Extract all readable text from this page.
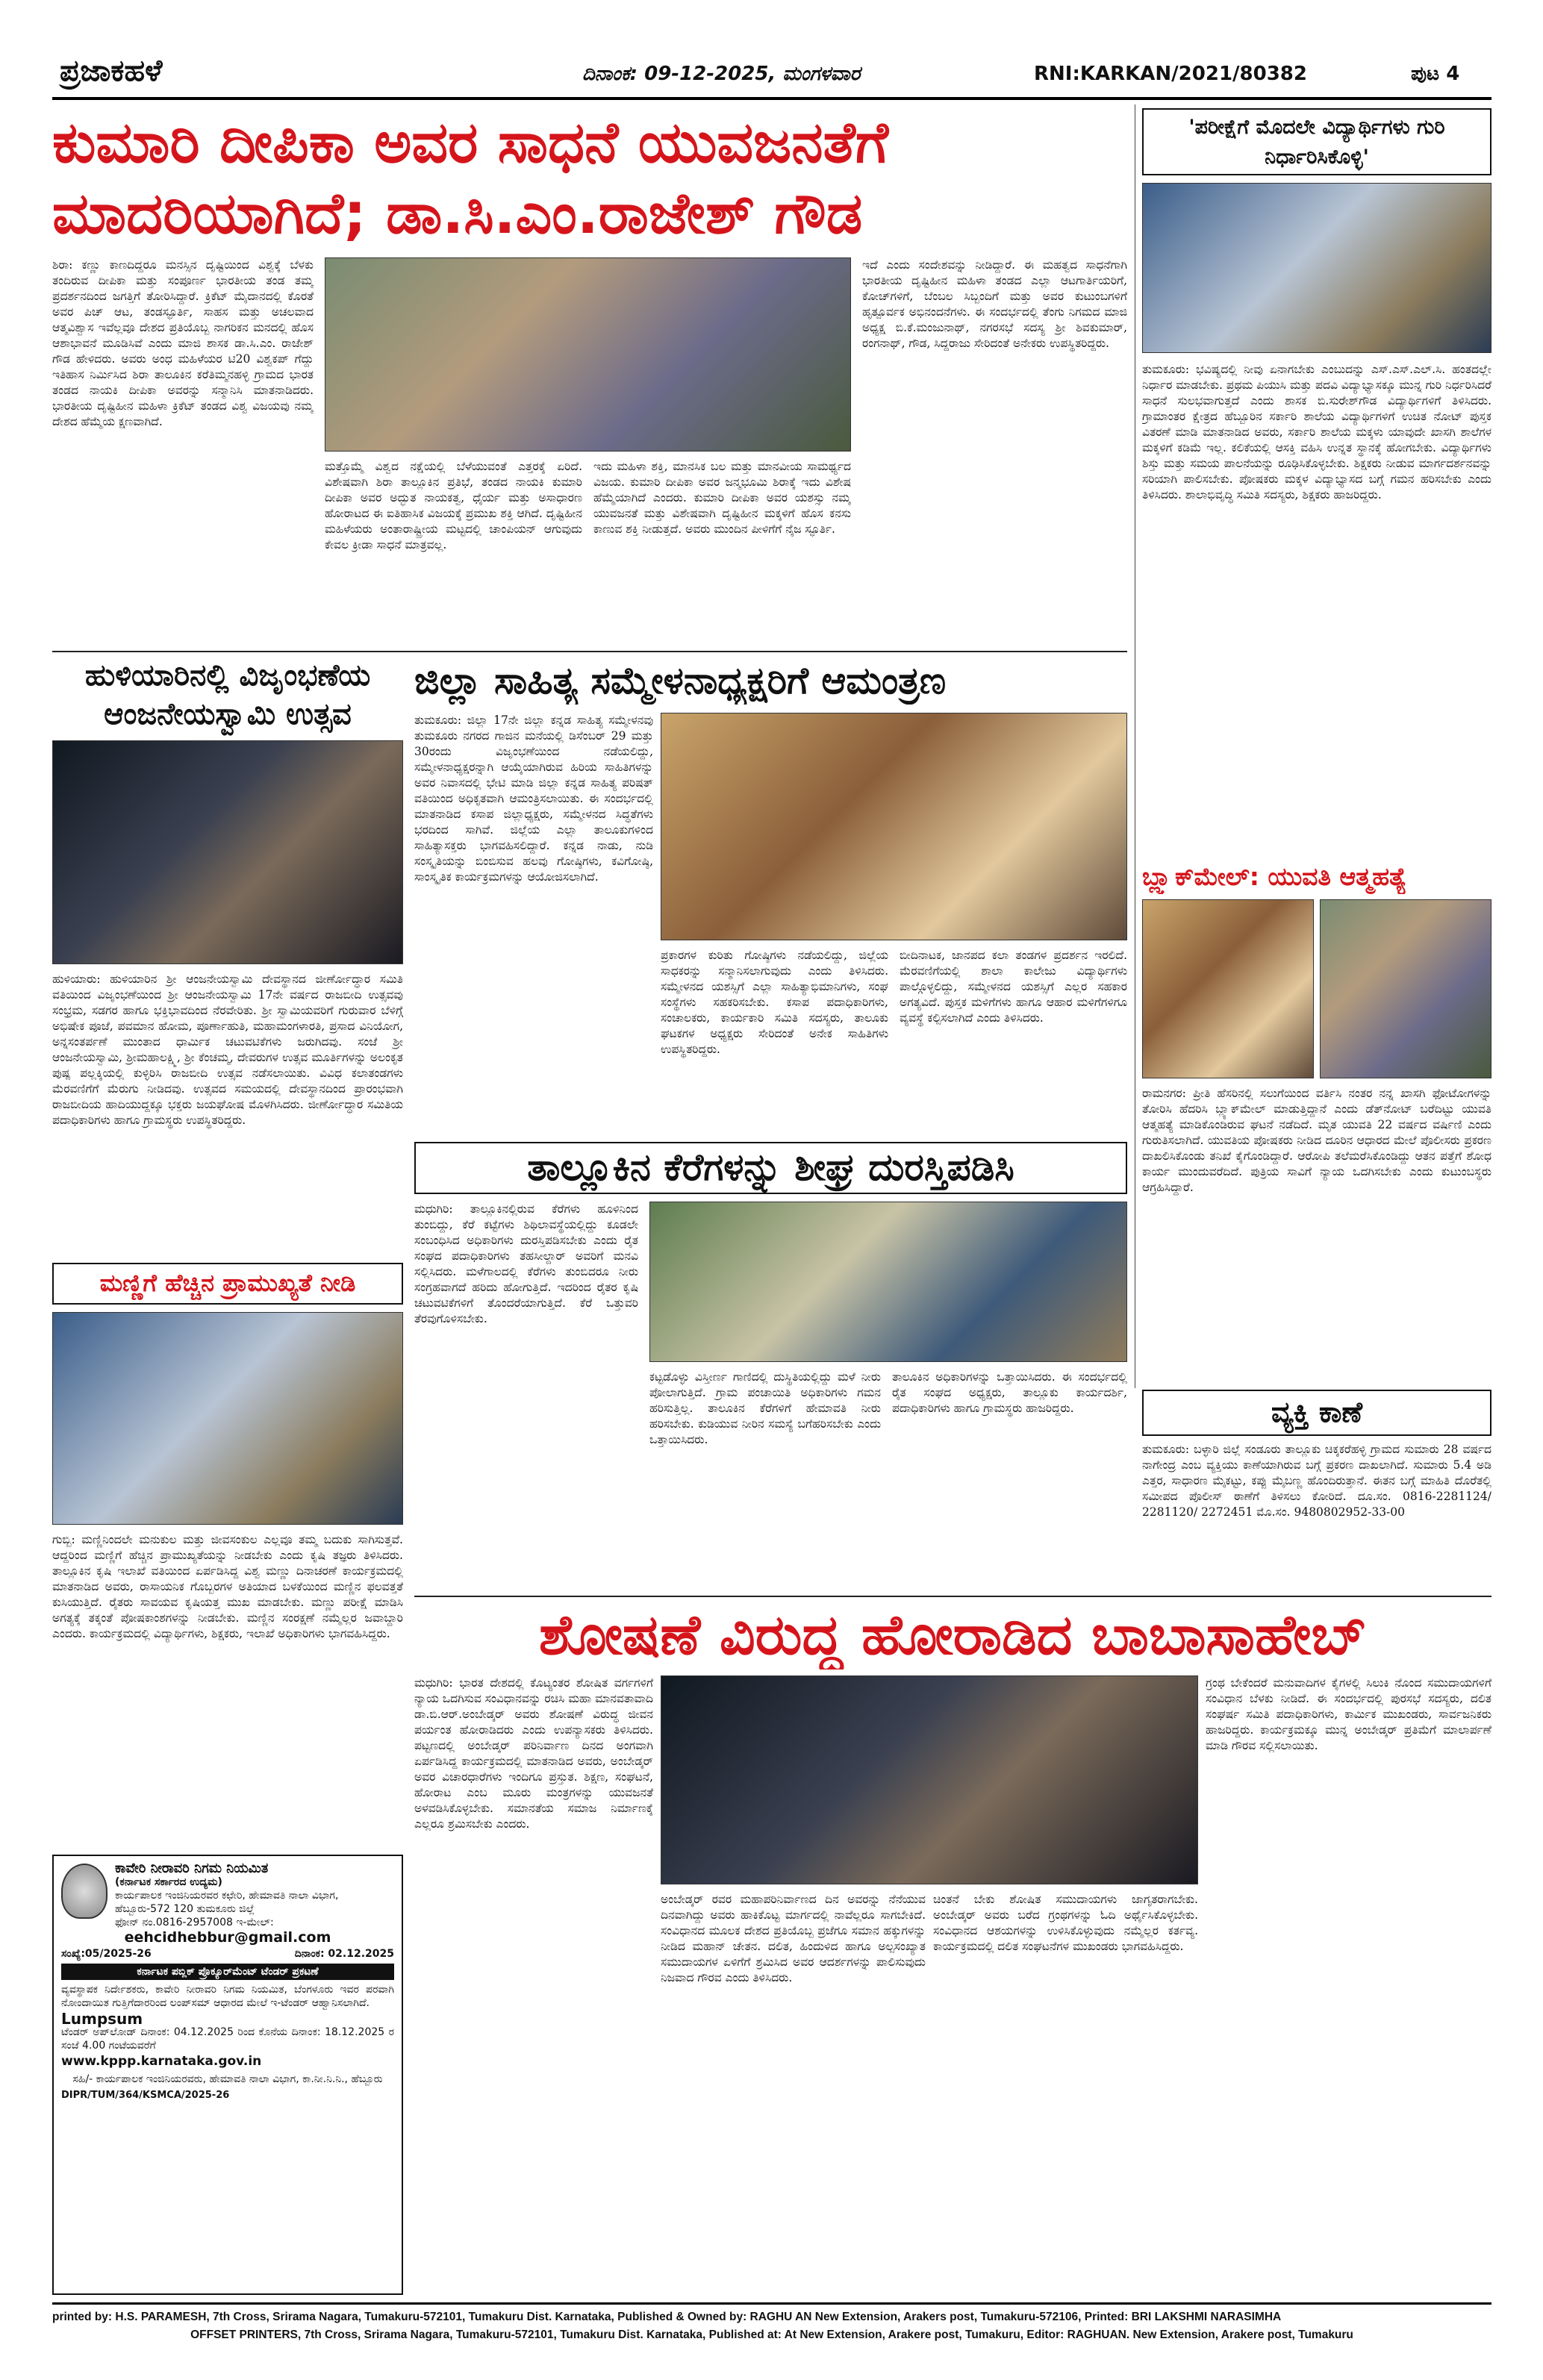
ಪ್ರಜಾಕಹಳೆ	ದಿನಾಂಕ: 09-12-2025, ಮಂಗಳವಾರ	RNI:KARKAN/2021/80382	ಪುಟ 4
ಕುಮಾರಿ ದೀಪಿಕಾ ಅವರ ಸಾಧನೆ ಯುವಜನತೆಗೆ
ಮಾದರಿಯಾಗಿದೆ; ಡಾ.ಸಿ.ಎಂ.ರಾಜೇಶ್ ಗೌಡ
ಶಿರಾ: ಕಣ್ಣು ಕಾಣದಿದ್ದರೂ ಮನಸ್ಸಿನ ದೃಷ್ಟಿಯಿಂದ ವಿಶ್ವಕ್ಕೆ ಬೆಳಕು ತಂದಿರುವ ದೀಪಿಕಾ ಮತ್ತು ಸಂಪೂರ್ಣ ಭಾರತೀಯ ತಂಡ ತಮ್ಮ ಪ್ರದರ್ಶನದಿಂದ ಜಗತ್ತಿಗೆ ತೋರಿಸಿದ್ದಾರೆ. ಕ್ರಿಕೆಟ್ ಮೈದಾನದಲ್ಲಿ ಕೊರತೆ ಅವರ ಪಿಚ್ ಆಟ, ತಂಡಸ್ಫೂರ್ತಿ, ಸಾಹಸ ಮತ್ತು ಅಚಲವಾದ ಆತ್ಮವಿಶ್ವಾಸ ಇವೆಲ್ಲವೂ ದೇಶದ ಪ್ರತಿಯೊಬ್ಬ ನಾಗರಿಕನ ಮನದಲ್ಲಿ ಹೊಸ ಆಶಾಭಾವನೆ ಮೂಡಿಸಿವೆ ಎಂದು ಮಾಜಿ ಶಾಸಕ ಡಾ.ಸಿ.ಎಂ. ರಾಜೇಶ್ ಗೌಡ ಹೇಳಿದರು. ಅವರು ಅಂಧ ಮಹಿಳೆಯರ ಟಿ20 ವಿಶ್ವಕಪ್ ಗೆದ್ದು ಇತಿಹಾಸ ನಿರ್ಮಿಸಿದ ಶಿರಾ ತಾಲೂಕಿನ ಕರೆತಿಮ್ಮನಹಳ್ಳಿ ಗ್ರಾಮದ ಭಾರತ ತಂಡದ ನಾಯಕಿ ದೀಪಿಕಾ ಅವರನ್ನು ಸನ್ಮಾನಿಸಿ ಮಾತನಾಡಿದರು. ಭಾರತೀಯ ದೃಷ್ಟಿಹೀನ ಮಹಿಳಾ ಕ್ರಿಕೆಟ್ ತಂಡದ ವಿಶ್ವ ವಿಜಯವು ನಮ್ಮ ದೇಶದ ಹೆಮ್ಮೆಯ ಕ್ಷಣವಾಗಿದೆ.
ಮತ್ತೊಮ್ಮೆ ವಿಶ್ವದ ನಕ್ಷೆಯಲ್ಲಿ ಬೆಳೆಯುವಂತೆ ಎತ್ತರಕ್ಕೆ ಏರಿದೆ. ವಿಶೇಷವಾಗಿ ಶಿರಾ ತಾಲ್ಲೂಕಿನ ಪ್ರತಿಭೆ, ತಂಡದ ನಾಯಕಿ ಕುಮಾರಿ ದೀಪಿಕಾ ಅವರ ಅದ್ಭುತ ನಾಯಕತ್ವ, ಧೈರ್ಯ ಮತ್ತು ಅಸಾಧಾರಣ ಹೋರಾಟದ ಈ ಐತಿಹಾಸಿಕ ವಿಜಯಕ್ಕೆ ಪ್ರಮುಖ ಶಕ್ತಿ ಆಗಿದೆ. ದೃಷ್ಟಿಹೀನ ಮಹಿಳೆಯರು ಅಂತಾರಾಷ್ಟ್ರೀಯ ಮಟ್ಟದಲ್ಲಿ ಚಾಂಪಿಯನ್ ಆಗುವುದು ಕೇವಲ ಕ್ರೀಡಾ ಸಾಧನೆ ಮಾತ್ರವಲ್ಲ.
ಇದು ಮಹಿಳಾ ಶಕ್ತಿ, ಮಾನಸಿಕ ಬಲ ಮತ್ತು ಮಾನವೀಯ ಸಾಮರ್ಥ್ಯದ ವಿಜಯ. ಕುಮಾರಿ ದೀಪಿಕಾ ಅವರ ಜನ್ಮಭೂಮಿ ಶಿರಾಕ್ಕೆ ಇದು ವಿಶೇಷ ಹೆಮ್ಮೆಯಾಗಿದೆ ಎಂದರು. ಕುಮಾರಿ ದೀಪಿಕಾ ಅವರ ಯಶಸ್ಸು ನಮ್ಮ ಯುವಜನತೆ ಮತ್ತು ವಿಶೇಷವಾಗಿ ದೃಷ್ಟಿಹೀನ ಮಕ್ಕಳಿಗೆ ಹೊಸ ಕನಸು ಕಾಣುವ ಶಕ್ತಿ ನೀಡುತ್ತದೆ. ಅವರು ಮುಂದಿನ ಪೀಳಿಗೆಗೆ ನೈಜ ಸ್ಫೂರ್ತಿ.
ಇದೆ ಎಂದು ಸಂದೇಶವನ್ನು ನೀಡಿದ್ದಾರೆ. ಈ ಮಹತ್ವದ ಸಾಧನೆಗಾಗಿ ಭಾರತೀಯ ದೃಷ್ಟಿಹೀನ ಮಹಿಳಾ ತಂಡದ ಎಲ್ಲಾ ಆಟಗಾರ್ತಿಯರಿಗೆ, ಕೋಚ್‌ಗಳಿಗೆ, ಬೆಂಬಲ ಸಿಬ್ಬಂದಿಗೆ ಮತ್ತು ಅವರ ಕುಟುಂಬಗಳಿಗೆ ಹೃತ್ಪೂರ್ವಕ ಅಭಿನಂದನೆಗಳು. ಈ ಸಂದರ್ಭದಲ್ಲಿ ತೆಂಗು ನಿಗಮದ ಮಾಜಿ ಅಧ್ಯಕ್ಷ ಬಿ.ಕೆ.ಮಂಜುನಾಥ್, ನಗರಸಭೆ ಸದಸ್ಯ ಶ್ರೀ ಶಿವಕುಮಾರ್, ರಂಗನಾಥ್, ಗೌಡ, ಸಿದ್ದರಾಜು ಸೇರಿದಂತೆ ಅನೇಕರು ಉಪಸ್ಥಿತರಿದ್ದರು.
'ಪರೀಕ್ಷೆಗೆ ಮೊದಲೇ ವಿದ್ಯಾರ್ಥಿಗಳು ಗುರಿ ನಿರ್ಧಾರಿಸಿಕೊಳ್ಳಿ'
ತುಮಕೂರು: ಭವಿಷ್ಯದಲ್ಲಿ ನೀವು ಏನಾಗಬೇಕು ಎಂಬುದನ್ನು ಎಸ್.ಎಸ್.ಎಲ್.ಸಿ. ಹಂತದಲ್ಲೇ ನಿರ್ಧಾರ ಮಾಡಬೇಕು. ಪ್ರಥಮ ಪಿಯುಸಿ ಮತ್ತು ಪದವಿ ವಿದ್ಯಾಭ್ಯಾಸಕ್ಕೂ ಮುನ್ನ ಗುರಿ ನಿರ್ಧರಿಸಿದರೆ ಸಾಧನೆ ಸುಲಭವಾಗುತ್ತದೆ ಎಂದು ಶಾಸಕ ಬಿ.ಸುರೇಶ್‌ಗೌಡ ವಿದ್ಯಾರ್ಥಿಗಳಿಗೆ ತಿಳಿಸಿದರು. ಗ್ರಾಮಾಂತರ ಕ್ಷೇತ್ರದ ಹೆಬ್ಬೂರಿನ ಸರ್ಕಾರಿ ಶಾಲೆಯ ವಿದ್ಯಾರ್ಥಿಗಳಿಗೆ ಉಚಿತ ನೋಟ್ ಪುಸ್ತಕ ವಿತರಣೆ ಮಾಡಿ ಮಾತನಾಡಿದ ಅವರು, ಸರ್ಕಾರಿ ಶಾಲೆಯ ಮಕ್ಕಳು ಯಾವುದೇ ಖಾಸಗಿ ಶಾಲೆಗಳ ಮಕ್ಕಳಿಗೆ ಕಡಿಮೆ ಇಲ್ಲ. ಕಲಿಕೆಯಲ್ಲಿ ಆಸಕ್ತಿ ವಹಿಸಿ ಉನ್ನತ ಸ್ಥಾನಕ್ಕೆ ಹೋಗಬೇಕು. ವಿದ್ಯಾರ್ಥಿಗಳು ಶಿಸ್ತು ಮತ್ತು ಸಮಯ ಪಾಲನೆಯನ್ನು ರೂಢಿಸಿಕೊಳ್ಳಬೇಕು. ಶಿಕ್ಷಕರು ನೀಡುವ ಮಾರ್ಗದರ್ಶನವನ್ನು ಸರಿಯಾಗಿ ಪಾಲಿಸಬೇಕು. ಪೋಷಕರು ಮಕ್ಕಳ ವಿದ್ಯಾಭ್ಯಾಸದ ಬಗ್ಗೆ ಗಮನ ಹರಿಸಬೇಕು ಎಂದು ತಿಳಿಸಿದರು. ಶಾಲಾಭಿವೃದ್ಧಿ ಸಮಿತಿ ಸದಸ್ಯರು, ಶಿಕ್ಷಕರು ಹಾಜರಿದ್ದರು.
ಹುಳಿಯಾರಿನಲ್ಲಿ ವಿಜೃಂಭಣೆಯ
ಆಂಜನೇಯಸ್ವಾಮಿ ಉತ್ಸವ
ಹುಳಿಯಾರು: ಹುಳಿಯಾರಿನ ಶ್ರೀ ಆಂಜನೇಯಸ್ವಾಮಿ ದೇವಸ್ಥಾನದ ಜೀರ್ಣೋದ್ಧಾರ ಸಮಿತಿ ವತಿಯಿಂದ ವಿಜೃಂಭಣೆಯಿಂದ ಶ್ರೀ ಆಂಜನೇಯಸ್ವಾಮಿ 17ನೇ ವರ್ಷದ ರಾಜಬೀದಿ ಉತ್ಸವವು ಸಂಭ್ರಮ, ಸಡಗರ ಹಾಗೂ ಭಕ್ತಿಭಾವದಿಂದ ನೆರವೇರಿತು. ಶ್ರೀ ಸ್ವಾಮಿಯವರಿಗೆ ಗುರುವಾರ ಬೆಳಿಗ್ಗೆ ಅಭಿಷೇಕ ಪೂಜೆ, ಪವಮಾನ ಹೋಮ, ಪೂರ್ಣಾಹುತಿ, ಮಹಾಮಂಗಳಾರತಿ, ಪ್ರಸಾದ ವಿನಿಯೋಗ, ಅನ್ನಸಂತರ್ಪಣೆ ಮುಂತಾದ ಧಾರ್ಮಿಕ ಚಟುವಟಿಕೆಗಳು ಜರುಗಿದವು. ಸಂಜೆ ಶ್ರೀ ಆಂಜನೇಯಸ್ವಾಮಿ, ಶ್ರೀಮಹಾಲಕ್ಷ್ಮಿ, ಶ್ರೀ ಕೆಂಚಮ್ಮ, ದೇವರುಗಳ ಉತ್ಸವ ಮೂರ್ತಿಗಳನ್ನು ಅಲಂಕೃತ ಪುಷ್ಪ ಪಲ್ಲಕ್ಕಿಯಲ್ಲಿ ಕುಳ್ಳಿರಿಸಿ ರಾಜಬೀದಿ ಉತ್ಸವ ನಡೆಸಲಾಯಿತು. ವಿವಿಧ ಕಲಾತಂಡಗಳು ಮೆರವಣಿಗೆಗೆ ಮೆರುಗು ನೀಡಿದವು. ಉತ್ಸವದ ಸಮಯದಲ್ಲಿ ದೇವಸ್ಥಾನದಿಂದ ಪ್ರಾರಂಭವಾಗಿ ರಾಜಬೀದಿಯ ಹಾದಿಯುದ್ದಕ್ಕೂ ಭಕ್ತರು ಜಯಘೋಷ ಮೊಳಗಿಸಿದರು. ಜೀರ್ಣೋದ್ಧಾರ ಸಮಿತಿಯ ಪದಾಧಿಕಾರಿಗಳು ಹಾಗೂ ಗ್ರಾಮಸ್ಥರು ಉಪಸ್ಥಿತರಿದ್ದರು.
ಜಿಲ್ಲಾ ಸಾಹಿತ್ಯ ಸಮ್ಮೇಳನಾಧ್ಯಕ್ಷರಿಗೆ ಆಮಂತ್ರಣ
ತುಮಕೂರು: ಜಿಲ್ಲಾ 17ನೇ ಜಿಲ್ಲಾ ಕನ್ನಡ ಸಾಹಿತ್ಯ ಸಮ್ಮೇಳನವು ತುಮಕೂರು ನಗರದ ಗಾಜಿನ ಮನೆಯಲ್ಲಿ ಡಿಸೆಂಬರ್ 29 ಮತ್ತು 30ರಂದು ವಿಜೃಂಭಣೆಯಿಂದ ನಡೆಯಲಿದ್ದು, ಸಮ್ಮೇಳನಾಧ್ಯಕ್ಷರನ್ನಾಗಿ ಆಯ್ಕೆಯಾಗಿರುವ ಹಿರಿಯ ಸಾಹಿತಿಗಳನ್ನು ಅವರ ನಿವಾಸದಲ್ಲಿ ಭೇಟಿ ಮಾಡಿ ಜಿಲ್ಲಾ ಕನ್ನಡ ಸಾಹಿತ್ಯ ಪರಿಷತ್ ವತಿಯಿಂದ ಅಧಿಕೃತವಾಗಿ ಆಮಂತ್ರಿಸಲಾಯಿತು. ಈ ಸಂದರ್ಭದಲ್ಲಿ ಮಾತನಾಡಿದ ಕಸಾಪ ಜಿಲ್ಲಾಧ್ಯಕ್ಷರು, ಸಮ್ಮೇಳನದ ಸಿದ್ಧತೆಗಳು ಭರದಿಂದ ಸಾಗಿವೆ. ಜಿಲ್ಲೆಯ ಎಲ್ಲಾ ತಾಲೂಕುಗಳಿಂದ ಸಾಹಿತ್ಯಾಸಕ್ತರು ಭಾಗವಹಿಸಲಿದ್ದಾರೆ. ಕನ್ನಡ ನಾಡು, ನುಡಿ ಸಂಸ್ಕೃತಿಯನ್ನು ಬಿಂಬಿಸುವ ಹಲವು ಗೋಷ್ಠಿಗಳು, ಕವಿಗೋಷ್ಠಿ, ಸಾಂಸ್ಕೃತಿಕ ಕಾರ್ಯಕ್ರಮಗಳನ್ನು ಆಯೋಜಿಸಲಾಗಿದೆ.
ಪ್ರಕಾರಗಳ ಕುರಿತು ಗೋಷ್ಠಿಗಳು ನಡೆಯಲಿದ್ದು, ಜಿಲ್ಲೆಯ ಸಾಧಕರನ್ನು ಸನ್ಮಾನಿಸಲಾಗುವುದು ಎಂದು ತಿಳಿಸಿದರು. ಸಮ್ಮೇಳನದ ಯಶಸ್ಸಿಗೆ ಎಲ್ಲಾ ಸಾಹಿತ್ಯಾಭಿಮಾನಿಗಳು, ಸಂಘ ಸಂಸ್ಥೆಗಳು ಸಹಕರಿಸಬೇಕು. ಕಸಾಪ ಪದಾಧಿಕಾರಿಗಳು, ಸಂಚಾಲಕರು, ಕಾರ್ಯಕಾರಿ ಸಮಿತಿ ಸದಸ್ಯರು, ತಾಲೂಕು ಘಟಕಗಳ ಅಧ್ಯಕ್ಷರು ಸೇರಿದಂತೆ ಅನೇಕ ಸಾಹಿತಿಗಳು ಉಪಸ್ಥಿತರಿದ್ದರು.
ಬೀದಿನಾಟಕ, ಜಾನಪದ ಕಲಾ ತಂಡಗಳ ಪ್ರದರ್ಶನ ಇರಲಿದೆ. ಮೆರವಣಿಗೆಯಲ್ಲಿ ಶಾಲಾ ಕಾಲೇಜು ವಿದ್ಯಾರ್ಥಿಗಳು ಪಾಲ್ಗೊಳ್ಳಲಿದ್ದು, ಸಮ್ಮೇಳನದ ಯಶಸ್ಸಿಗೆ ಎಲ್ಲರ ಸಹಕಾರ ಅಗತ್ಯವಿದೆ. ಪುಸ್ತಕ ಮಳಿಗೆಗಳು ಹಾಗೂ ಆಹಾರ ಮಳಿಗೆಗಳಿಗೂ ವ್ಯವಸ್ಥೆ ಕಲ್ಪಿಸಲಾಗಿದೆ ಎಂದು ತಿಳಿಸಿದರು.
ಬ್ಲ್ಯಾಕ್‌ಮೇಲ್: ಯುವತಿ ಆತ್ಮಹತ್ಯೆ
ರಾಮನಗರ: ಪ್ರೀತಿ ಹೆಸರಿನಲ್ಲಿ ಸಲುಗೆಯಿಂದ ವರ್ತಿಸಿ ನಂತರ ನನ್ನ ಖಾಸಗಿ ಫೋಟೋಗಳನ್ನು ತೋರಿಸಿ ಹೆದರಿಸಿ ಬ್ಲ್ಯಾಕ್‌ಮೇಲ್ ಮಾಡುತ್ತಿದ್ದಾನೆ ಎಂದು ಡೆತ್‌ನೋಟ್ ಬರೆದಿಟ್ಟು ಯುವತಿ ಆತ್ಮಹತ್ಯೆ ಮಾಡಿಕೊಂಡಿರುವ ಘಟನೆ ನಡೆದಿದೆ. ಮೃತ ಯುವತಿ 22 ವರ್ಷದ ವರ್ಷಿಣಿ ಎಂದು ಗುರುತಿಸಲಾಗಿದೆ. ಯುವತಿಯ ಪೋಷಕರು ನೀಡಿದ ದೂರಿನ ಆಧಾರದ ಮೇಲೆ ಪೊಲೀಸರು ಪ್ರಕರಣ ದಾಖಲಿಸಿಕೊಂಡು ತನಿಖೆ ಕೈಗೊಂಡಿದ್ದಾರೆ. ಆರೋಪಿ ತಲೆಮರೆಸಿಕೊಂಡಿದ್ದು ಆತನ ಪತ್ತೆಗೆ ಶೋಧ ಕಾರ್ಯ ಮುಂದುವರೆದಿದೆ. ಪುತ್ರಿಯ ಸಾವಿಗೆ ನ್ಯಾಯ ಒದಗಿಸಬೇಕು ಎಂದು ಕುಟುಂಬಸ್ಥರು ಆಗ್ರಹಿಸಿದ್ದಾರೆ.
ತಾಲ್ಲೂಕಿನ ಕೆರೆಗಳನ್ನು ಶೀಘ್ರ ದುರಸ್ತಿಪಡಿಸಿ
ಮಧುಗಿರಿ: ತಾಲ್ಲೂಕಿನಲ್ಲಿರುವ ಕೆರೆಗಳು ಹೂಳಿನಿಂದ ತುಂಬಿದ್ದು, ಕೆರೆ ಕಟ್ಟೆಗಳು ಶಿಥಿಲಾವಸ್ಥೆಯಲ್ಲಿದ್ದು ಕೂಡಲೇ ಸಂಬಂಧಿಸಿದ ಅಧಿಕಾರಿಗಳು ದುರಸ್ತಿಪಡಿಸಬೇಕು ಎಂದು ರೈತ ಸಂಘದ ಪದಾಧಿಕಾರಿಗಳು ತಹಸೀಲ್ದಾರ್ ಅವರಿಗೆ ಮನವಿ ಸಲ್ಲಿಸಿದರು. ಮಳೆಗಾಲದಲ್ಲಿ ಕೆರೆಗಳು ತುಂಬಿದರೂ ನೀರು ಸಂಗ್ರಹವಾಗದೆ ಹರಿದು ಹೋಗುತ್ತಿದೆ. ಇದರಿಂದ ರೈತರ ಕೃಷಿ ಚಟುವಟಿಕೆಗಳಿಗೆ ತೊಂದರೆಯಾಗುತ್ತಿದೆ. ಕೆರೆ ಒತ್ತುವರಿ ತೆರವುಗೊಳಿಸಬೇಕು.
ಕಟ್ಟಡೊಳ್ಳು ವಿಸ್ತೀರ್ಣ ಗಾಣಿದಲ್ಲಿ ದುಸ್ಥಿತಿಯಲ್ಲಿದ್ದು ಮಳೆ ನೀರು ಪೋಲಾಗುತ್ತಿದೆ. ಗ್ರಾಮ ಪಂಚಾಯಿತಿ ಅಧಿಕಾರಿಗಳು ಗಮನ ಹರಿಸುತ್ತಿಲ್ಲ. ತಾಲೂಕಿನ ಕೆರೆಗಳಿಗೆ ಹೇಮಾವತಿ ನೀರು ಹರಿಸಬೇಕು. ಕುಡಿಯುವ ನೀರಿನ ಸಮಸ್ಯೆ ಬಗೆಹರಿಸಬೇಕು ಎಂದು ಒತ್ತಾಯಿಸಿದರು.
ತಾಲೂಕಿನ ಅಧಿಕಾರಿಗಳನ್ನು ಒತ್ತಾಯಿಸಿದರು. ಈ ಸಂದರ್ಭದಲ್ಲಿ ರೈತ ಸಂಘದ ಅಧ್ಯಕ್ಷರು, ತಾಲ್ಲೂಕು ಕಾರ್ಯದರ್ಶಿ, ಪದಾಧಿಕಾರಿಗಳು ಹಾಗೂ ಗ್ರಾಮಸ್ಥರು ಹಾಜರಿದ್ದರು.
ಮಣ್ಣಿಗೆ ಹೆಚ್ಚಿನ ಪ್ರಾಮುಖ್ಯತೆ ನೀಡಿ
ಗುಬ್ಬಿ: ಮಣ್ಣಿನಿಂದಲೇ ಮನುಕುಲ ಮತ್ತು ಜೀವಸಂಕುಲ ಎಲ್ಲವೂ ತಮ್ಮ ಬದುಕು ಸಾಗಿಸುತ್ತವೆ. ಆದ್ದರಿಂದ ಮಣ್ಣಿಗೆ ಹೆಚ್ಚಿನ ಪ್ರಾಮುಖ್ಯತೆಯನ್ನು ನೀಡಬೇಕು ಎಂದು ಕೃಷಿ ತಜ್ಞರು ತಿಳಿಸಿದರು. ತಾಲ್ಲೂಕಿನ ಕೃಷಿ ಇಲಾಖೆ ವತಿಯಿಂದ ಏರ್ಪಡಿಸಿದ್ದ ವಿಶ್ವ ಮಣ್ಣು ದಿನಾಚರಣೆ ಕಾರ್ಯಕ್ರಮದಲ್ಲಿ ಮಾತನಾಡಿದ ಅವರು, ರಾಸಾಯನಿಕ ಗೊಬ್ಬರಗಳ ಅತಿಯಾದ ಬಳಕೆಯಿಂದ ಮಣ್ಣಿನ ಫಲವತ್ತತೆ ಕುಸಿಯುತ್ತಿದೆ. ರೈತರು ಸಾವಯವ ಕೃಷಿಯತ್ತ ಮುಖ ಮಾಡಬೇಕು. ಮಣ್ಣು ಪರೀಕ್ಷೆ ಮಾಡಿಸಿ ಅಗತ್ಯಕ್ಕೆ ತಕ್ಕಂತೆ ಪೋಷಕಾಂಶಗಳನ್ನು ನೀಡಬೇಕು. ಮಣ್ಣಿನ ಸಂರಕ್ಷಣೆ ನಮ್ಮೆಲ್ಲರ ಜವಾಬ್ದಾರಿ ಎಂದರು. ಕಾರ್ಯಕ್ರಮದಲ್ಲಿ ವಿದ್ಯಾರ್ಥಿಗಳು, ಶಿಕ್ಷಕರು, ಇಲಾಖೆ ಅಧಿಕಾರಿಗಳು ಭಾಗವಹಿಸಿದ್ದರು.
ವ್ಯಕ್ತಿ ಕಾಣೆ
ತುಮಕೂರು: ಬಳ್ಳಾರಿ ಜಿಲ್ಲೆ ಸಂಡೂರು ತಾಲ್ಲೂಕು ಚಿಕ್ಕಕರೆಹಳ್ಳಿ ಗ್ರಾಮದ ಸುಮಾರು 28 ವರ್ಷದ ನಾಗೇಂದ್ರ ಎಂಬ ವ್ಯಕ್ತಿಯು ಕಾಣೆಯಾಗಿರುವ ಬಗ್ಗೆ ಪ್ರಕರಣ ದಾಖಲಾಗಿದೆ. ಸುಮಾರು 5.4 ಅಡಿ ಎತ್ತರ, ಸಾಧಾರಣ ಮೈಕಟ್ಟು, ಕಪ್ಪು ಮೈಬಣ್ಣ ಹೊಂದಿರುತ್ತಾನೆ. ಈತನ ಬಗ್ಗೆ ಮಾಹಿತಿ ದೊರೆತಲ್ಲಿ ಸಮೀಪದ ಪೊಲೀಸ್ ಠಾಣೆಗೆ ತಿಳಿಸಲು ಕೋರಿದೆ. ದೂ.ಸಂ. 0816-2281124/ 2281120/ 2272451 ಮೊ.ಸಂ. 9480802952-33-00
ಶೋಷಣೆ ವಿರುದ್ಧ ಹೋರಾಡಿದ ಬಾಬಾಸಾಹೇಬ್
ಮಧುಗಿರಿ: ಭಾರತ ದೇಶದಲ್ಲಿ ಕೊಟ್ಯಂತರ ಶೋಷಿತ ವರ್ಗಗಳಿಗೆ ನ್ಯಾಯ ಒದಗಿಸುವ ಸಂವಿಧಾನವನ್ನು ರಚಿಸಿ ಮಹಾ ಮಾನವತಾವಾದಿ ಡಾ.ಬಿ.ಆರ್.ಅಂಬೇಡ್ಕರ್ ಅವರು ಶೋಷಣೆ ವಿರುದ್ಧ ಜೀವನ ಪರ್ಯಂತ ಹೋರಾಡಿದರು ಎಂದು ಉಪನ್ಯಾಸಕರು ತಿಳಿಸಿದರು. ಪಟ್ಟಣದಲ್ಲಿ ಅಂಬೇಡ್ಕರ್ ಪರಿನಿರ್ವಾಣ ದಿನದ ಅಂಗವಾಗಿ ಏರ್ಪಡಿಸಿದ್ದ ಕಾರ್ಯಕ್ರಮದಲ್ಲಿ ಮಾತನಾಡಿದ ಅವರು, ಅಂಬೇಡ್ಕರ್ ಅವರ ವಿಚಾರಧಾರೆಗಳು ಇಂದಿಗೂ ಪ್ರಸ್ತುತ. ಶಿಕ್ಷಣ, ಸಂಘಟನೆ, ಹೋರಾಟ ಎಂಬ ಮೂರು ಮಂತ್ರಗಳನ್ನು ಯುವಜನತೆ ಅಳವಡಿಸಿಕೊಳ್ಳಬೇಕು. ಸಮಾನತೆಯ ಸಮಾಜ ನಿರ್ಮಾಣಕ್ಕೆ ಎಲ್ಲರೂ ಶ್ರಮಿಸಬೇಕು ಎಂದರು.
ಅಂಬೇಡ್ಕರ್ ರವರ ಮಹಾಪರಿನಿರ್ವಾಣದ ದಿನ ಅವರನ್ನು ನೆನೆಯುವ ದಿನವಾಗಿದ್ದು ಅವರು ಹಾಕಿಕೊಟ್ಟ ಮಾರ್ಗದಲ್ಲಿ ನಾವೆಲ್ಲರೂ ಸಾಗಬೇಕಿದೆ. ಸಂವಿಧಾನದ ಮೂಲಕ ದೇಶದ ಪ್ರತಿಯೊಬ್ಬ ಪ್ರಜೆಗೂ ಸಮಾನ ಹಕ್ಕುಗಳನ್ನು ನೀಡಿದ ಮಹಾನ್ ಚೇತನ. ದಲಿತ, ಹಿಂದುಳಿದ ಹಾಗೂ ಅಲ್ಪಸಂಖ್ಯಾತ ಸಮುದಾಯಗಳ ಏಳಿಗೆಗೆ ಶ್ರಮಿಸಿದ ಅವರ ಆದರ್ಶಗಳನ್ನು ಪಾಲಿಸುವುದು ನಿಜವಾದ ಗೌರವ ಎಂದು ತಿಳಿಸಿದರು.
ಚಿಂತನೆ ಬೇಕು ಶೋಷಿತ ಸಮುದಾಯಗಳು ಜಾಗೃತರಾಗಬೇಕು. ಅಂಬೇಡ್ಕರ್ ಅವರು ಬರೆದ ಗ್ರಂಥಗಳನ್ನು ಓದಿ ಅರ್ಥೈಸಿಕೊಳ್ಳಬೇಕು. ಸಂವಿಧಾನದ ಆಶಯಗಳನ್ನು ಉಳಿಸಿಕೊಳ್ಳುವುದು ನಮ್ಮೆಲ್ಲರ ಕರ್ತವ್ಯ. ಕಾರ್ಯಕ್ರಮದಲ್ಲಿ ದಲಿತ ಸಂಘಟನೆಗಳ ಮುಖಂಡರು ಭಾಗವಹಿಸಿದ್ದರು.
ಗ್ರಂಥ ಬೇಕೆಂದರೆ ಮನುವಾದಿಗಳ ಕೈಗಳಲ್ಲಿ ಸಿಲುಕಿ ನೊಂದ ಸಮುದಾಯಗಳಿಗೆ ಸಂವಿಧಾನ ಬೆಳಕು ನೀಡಿದೆ. ಈ ಸಂದರ್ಭದಲ್ಲಿ ಪುರಸಭೆ ಸದಸ್ಯರು, ದಲಿತ ಸಂಘರ್ಷ ಸಮಿತಿ ಪದಾಧಿಕಾರಿಗಳು, ಕಾರ್ಮಿಕ ಮುಖಂಡರು, ಸಾರ್ವಜನಿಕರು ಹಾಜರಿದ್ದರು. ಕಾರ್ಯಕ್ರಮಕ್ಕೂ ಮುನ್ನ ಅಂಬೇಡ್ಕರ್ ಪ್ರತಿಮೆಗೆ ಮಾಲಾರ್ಪಣೆ ಮಾಡಿ ಗೌರವ ಸಲ್ಲಿಸಲಾಯಿತು.
ಕಾವೇರಿ ನೀರಾವರಿ ನಿಗಮ ನಿಯಮಿತ
(ಕರ್ನಾಟಕ ಸರ್ಕಾರದ ಉದ್ಯಮ)
ಕಾರ್ಯಪಾಲಕ ಇಂಜಿನಿಯರವರ ಕಛೇರಿ, ಹೇಮಾವತಿ ನಾಲಾ ವಿಭಾಗ, ಹೆಬ್ಬೂರು-572 120 ತುಮಕೂರು ಜಿಲ್ಲೆ
ಫೋನ್ ನಂ.0816-2957008 ಇ-ಮೇಲ್:
eehcidhebbur@gmail.com
ಸಂಖ್ಯೆ:05/2025-26	ದಿನಾಂಕ: 02.12.2025
ಕರ್ನಾಟಕ ಪಬ್ಲಿಕ್ ಪ್ರೊಕ್ಯೂರ್‌ಮೆಂಟ್ ಟೆಂಡರ್ ಪ್ರಕಟಣೆ
ವ್ಯವಸ್ಥಾಪಕ ನಿರ್ದೇಶಕರು, ಕಾವೇರಿ ನೀರಾವರಿ ನಿಗಮ ನಿಯಮಿತ, ಬೆಂಗಳೂರು ಇವರ ಪರವಾಗಿ ನೋಂದಾಯಿತ ಗುತ್ತಿಗೆದಾರರಿಂದ ಲಂಪ್‌ಸಮ್ ಆಧಾರದ ಮೇಲೆ ಇ-ಟೆಂಡರ್ ಆಹ್ವಾನಿಸಲಾಗಿದೆ.
Lumpsum
ಟೆಂಡರ್ ಅಪ್‌ಲೋಡ್ ದಿನಾಂಕ: 04.12.2025 ರಿಂದ ಕೊನೆಯ ದಿನಾಂಕ: 18.12.2025 ರ ಸಂಜೆ 4.00 ಗಂಟೆಯವರೆಗೆ
www.kppp.karnataka.gov.in
ಸಹಿ/- ಕಾರ್ಯಪಾಲಕ ಇಂಜಿನಿಯರವರು, ಹೇಮಾವತಿ ನಾಲಾ ವಿಭಾಗ, ಕಾ.ನೀ.ನಿ.ನಿ., ಹೆಬ್ಬೂರು
DIPR/TUM/364/KSMCA/2025-26
printed by: H.S. PARAMESH, 7th Cross, Srirama Nagara, Tumakuru-572101, Tumakuru Dist. Karnataka, Published & Owned by: RAGHU AN New Extension, Arakers post, Tumakuru-572106, Printed: BRI LAKSHMI NARASIMHA
OFFSET PRINTERS, 7th Cross, Srirama Nagara, Tumakuru-572101, Tumakuru Dist. Karnataka, Published at: At New Extension, Arakere post, Tumakuru, Editor: RAGHUAN. New Extension, Arakere post, Tumakuru
